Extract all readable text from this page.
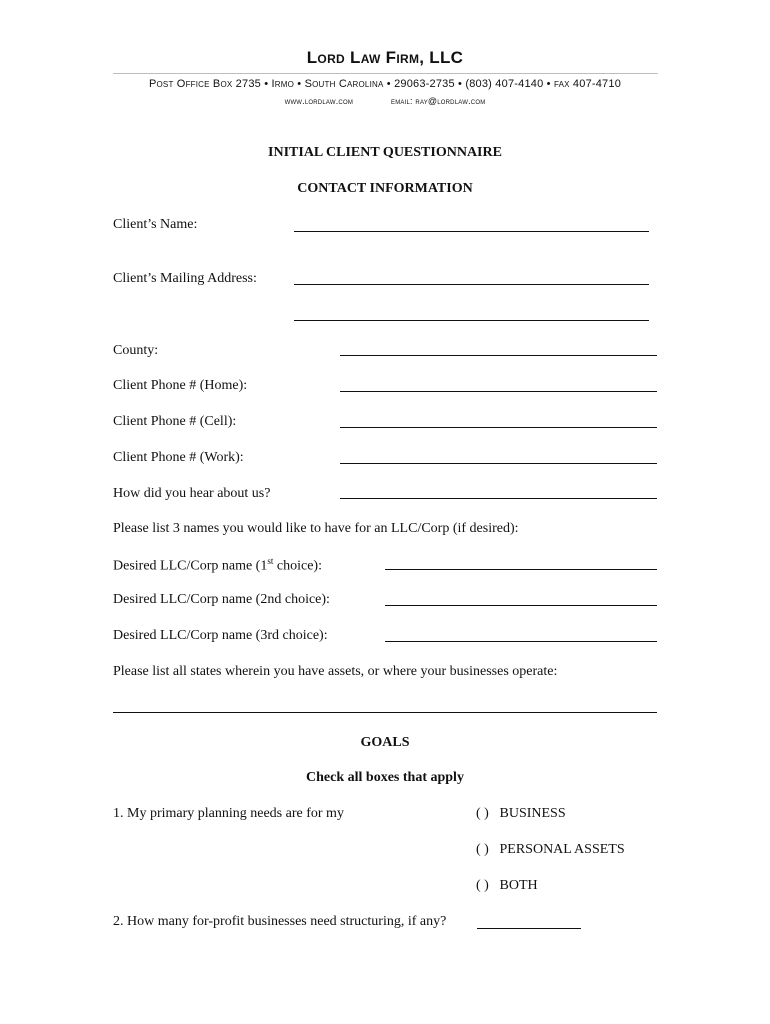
Lord Law Firm, LLC
Post Office Box 2735 • Irmo • South Carolina • 29063-2735 • (803) 407-4140 • fax 407-4710
www.lordlaw.com	email: ray@lordlaw.com
INITIAL CLIENT QUESTIONNAIRE
CONTACT INFORMATION
Client’s Name:
Client’s Mailing Address:
County:
Client Phone # (Home):
Client Phone # (Cell):
Client Phone # (Work):
How did you hear about us?
Please list 3 names you would like to have for an LLC/Corp (if desired):
Desired LLC/Corp name (1st choice):
Desired LLC/Corp name (2nd choice):
Desired LLC/Corp name (3rd choice):
Please list all states wherein you have assets, or where your businesses operate:
GOALS
Check all boxes that apply
1. My primary planning needs are for my	( ) BUSINESS
( ) PERSONAL ASSETS
( ) BOTH
2. How many for-profit businesses need structuring, if any?
